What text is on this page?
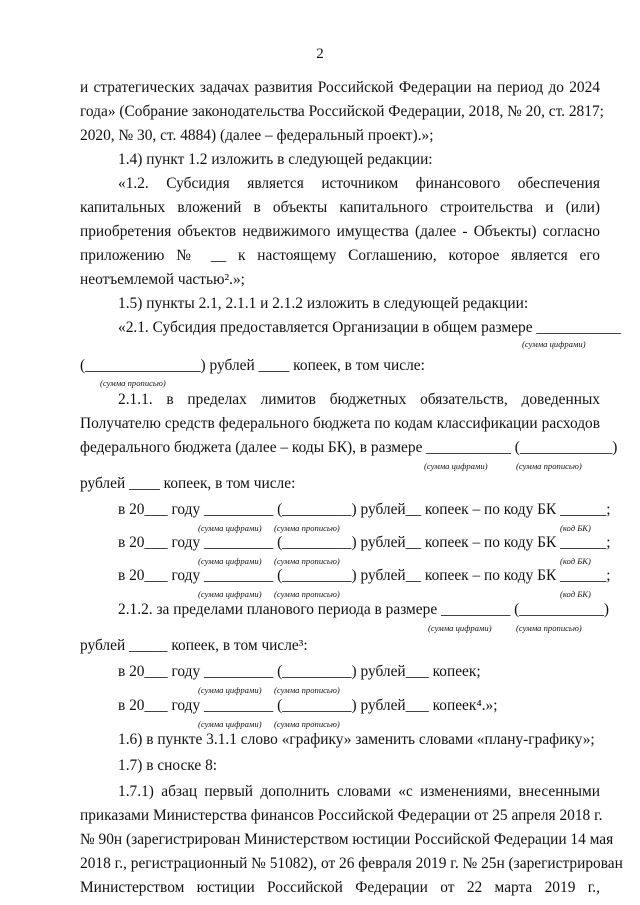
2
и стратегических задачах развития Российской Федерации на период до 2024
года» (Собрание законодательства Российской Федерации, 2018, № 20, ст. 2817;
2020, № 30, ст. 4884) (далее – федеральный проект).»;
1.4) пункт 1.2 изложить в следующей редакции:
«1.2. Субсидия является источником финансового обеспечения
капитальных вложений в объекты капитального строительства и (или)
приобретения объектов недвижимого имущества (далее - Объекты) согласно
приложению № __ к настоящему Соглашению, которое является его
неотъемлемой частью².»;
1.5) пункты 2.1, 2.1.1 и 2.1.2 изложить в следующей редакции:
«2.1. Субсидия предоставляется Организации в общем размере ___________
(сумма цифрами)
(_______________) рублей ____ копеек, в том числе:
(сумма прописью)
2.1.1. в пределах лимитов бюджетных обязательств, доведенных
Получателю средств федерального бюджета по кодам классификации расходов
федерального бюджета (далее – коды БК), в размере ___________ (____________)
(сумма цифрами)	(сумма прописью)
рублей ____ копеек, в том числе:
в 20___ году _________ (_________) рублей__ копеек – по коду БК ______;
(сумма цифрами) (сумма прописью)	(код БК)
в 20___ году _________ (_________) рублей__ копеек – по коду БК ______;
(сумма цифрами) (сумма прописью)	(код БК)
в 20___ году _________ (_________) рублей__ копеек – по коду БК ______;
(сумма цифрами) (сумма прописью)	(код БК)
2.1.2. за пределами планового периода в размере _________ (___________)
(сумма цифрами)	(сумма прописью)
рублей _____ копеек, в том числе³:
в 20___ году _________ (_________) рублей___ копеек;
(сумма цифрами) (сумма прописью)
в 20___ году _________ (_________) рублей___ копеек⁴.»;
(сумма цифрами) (сумма прописью)
1.6) в пункте 3.1.1 слово «графику» заменить словами «плану-графику»;
1.7) в сноске 8:
1.7.1) абзац первый дополнить словами «с изменениями, внесенными
приказами Министерства финансов Российской Федерации от 25 апреля 2018 г.
№ 90н (зарегистрирован Министерством юстиции Российской Федерации 14 мая
2018 г., регистрационный № 51082), от 26 февраля 2019 г. № 25н (зарегистрирован
Министерством юстиции Российской Федерации от 22 марта 2019 г.,
